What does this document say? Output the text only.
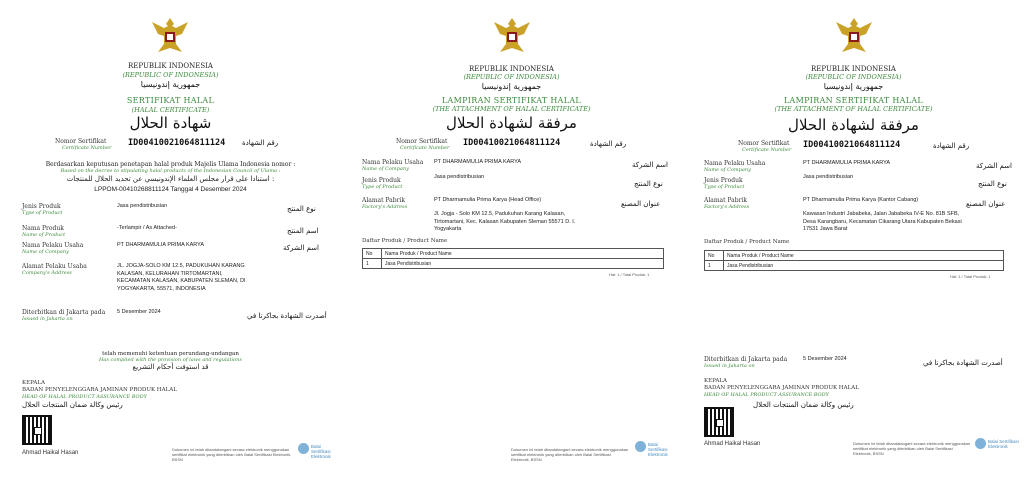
REPUBLIK INDONESIA
(REPUBLIC OF INDONESIA)
جمهورية إندونيسيا
SERTIFIKAT HALAL
(HALAL CERTIFICATE)
شهادة الحلال
Nomor Sertifikat
Certificate Number ID00410021064811124 رقم الشهادة
Berdasarkan keputusan penetapan halal produk Majelis Ulama Indonesia nomor :
Based on the decree to stipulating halal products of the Indonesian Council of Ulama :
استنادا على قرار مجلس العلماء الإندونيسي عن تحديد الحلال للمنتجات :
LPPOM-00410268811124 Tanggal 4 Desember 2024
Jenis Produk
Type of Product
Jasa pendistribusian	نوع المنتج
Nama Produk
Name of Product
-Terlampir / As Attached-	اسم المنتج
Nama Pelaku Usaha
Name of Company
PT DHARMAMULIA PRIMA KARYA	اسم الشركة
Alamat Pelaku Usaha
Company's Address
JL. JOGJA-SOLO KM 12.5, PADUKUHAN KARANG KALASAN, KELURAHAN TIRTOMARTANI, KECAMATAN KALASAN, KABUPATEN SLEMAN, DI YOGYAKARTA, 55571, INDONESIA
Diterbitkan di Jakarta pada
Issued in Jakarta on
5 Desember 2024	أصدرت الشهادة بجاكرتا في
telah memenuhi ketentuan perundang-undangan
Has complied with the provision of laws and regulations
قد استوفت أحكام التشريع
KEPALA
BADAN PENYELENGGARA JAMINAN PRODUK HALAL
HEAD OF HALAL PRODUCT ASSURANCE BODY
رئيس وكالة ضمان المنتجات الحلال
Ahmad Haikal Hasan
Dokumen ini telah ditandatangani secara elektronik menggunakan sertifikat elektronik yang diterbitkan oleh Balai Sertifikasi Elektronik, BSSN
Balai Sertifikasi Elektronik
REPUBLIK INDONESIA
(REPUBLIC OF INDONESIA)
جمهورية إندونيسيا
LAMPIRAN SERTIFIKAT HALAL
(THE ATTACHMENT OF HALAL CERTIFICATE)
مرفقة لشهادة الحلال
Nomor Sertifikat
Certificate Number ID00410021064811124	رقم الشهادة
Nama Pelaku Usaha
Name of Company
PT DHARMAMULIA PRIMA KARYA	اسم الشركة
Jenis Produk
Type of Product
Jasa pendistribusian
نوع المنتج
Alamat Pabrik
Factory's Address
PT Dharmamulia Prima Karya (Head Office)	عنوان المصنع
Jl. Jogja - Solo KM 12.5, Padukuhan Karang Kalasan, Tirtomartani, Kec. Kalasan Kabupaten Sleman 55571 D. I. Yogyakarta
Daftar Produk / Product Name
No	Nama Produk / Product Name
1	Jasa Pendistribusian
Hal: 1 / Total Produk: 1
Dokumen ini telah ditandatangani secara elektronik menggunakan sertifikat elektronik yang diterbitkan oleh Balai Sertifikasi Elektronik, BSSN
Balai Sertifikasi Elektronik
REPUBLIK INDONESIA
(REPUBLIC OF INDONESIA)
جمهورية إندونيسيا
LAMPIRAN SERTIFIKAT HALAL
(THE ATTACHMENT OF HALAL CERTIFICATE)
مرفقة لشهادة الحلال
Nomor Sertifikat
Certificate Number ID00410021064811124	رقم الشهادة
Nama Pelaku Usaha
Name of Company
PT DHARMAMULIA PRIMA KARYA	اسم الشركة
Jenis Produk
Type of Product
Jasa pendistribusian
نوع المنتج
Alamat Pabrik
Factory's Address
PT Dharmamulia Prima Karya (Kantor Cabang)	عنوان المصنع
Kawasan Industri Jababeka, Jalan Jababeka IV-E No. 81B SFB, Desa Karangbaru, Kecamatan Cikarang Utara Kabupaten Bekasi 17531 Jawa Barat
Daftar Produk / Product Name
No	Nama Produk / Product Name
1	Jasa Pendistribusian
Hal: 1 / Total Produk: 1
Diterbitkan di Jakarta pada
Issued in Jakarta on
5 Desember 2024	أصدرت الشهادة بجاكرتا في
KEPALA
BADAN PENYELENGGARA JAMINAN PRODUK HALAL
HEAD OF HALAL PRODUCT ASSURANCE BODY
رئيس وكالة ضمان المنتجات الحلال
Ahmad Haikal Hasan	Dokumen ini telah ditandatangani secara elektronik menggunakan sertifikat elektronik yang diterbitkan oleh Balai Sertifikasi Elektronik, BSSN
Balai Sertifikasi Elektronik
